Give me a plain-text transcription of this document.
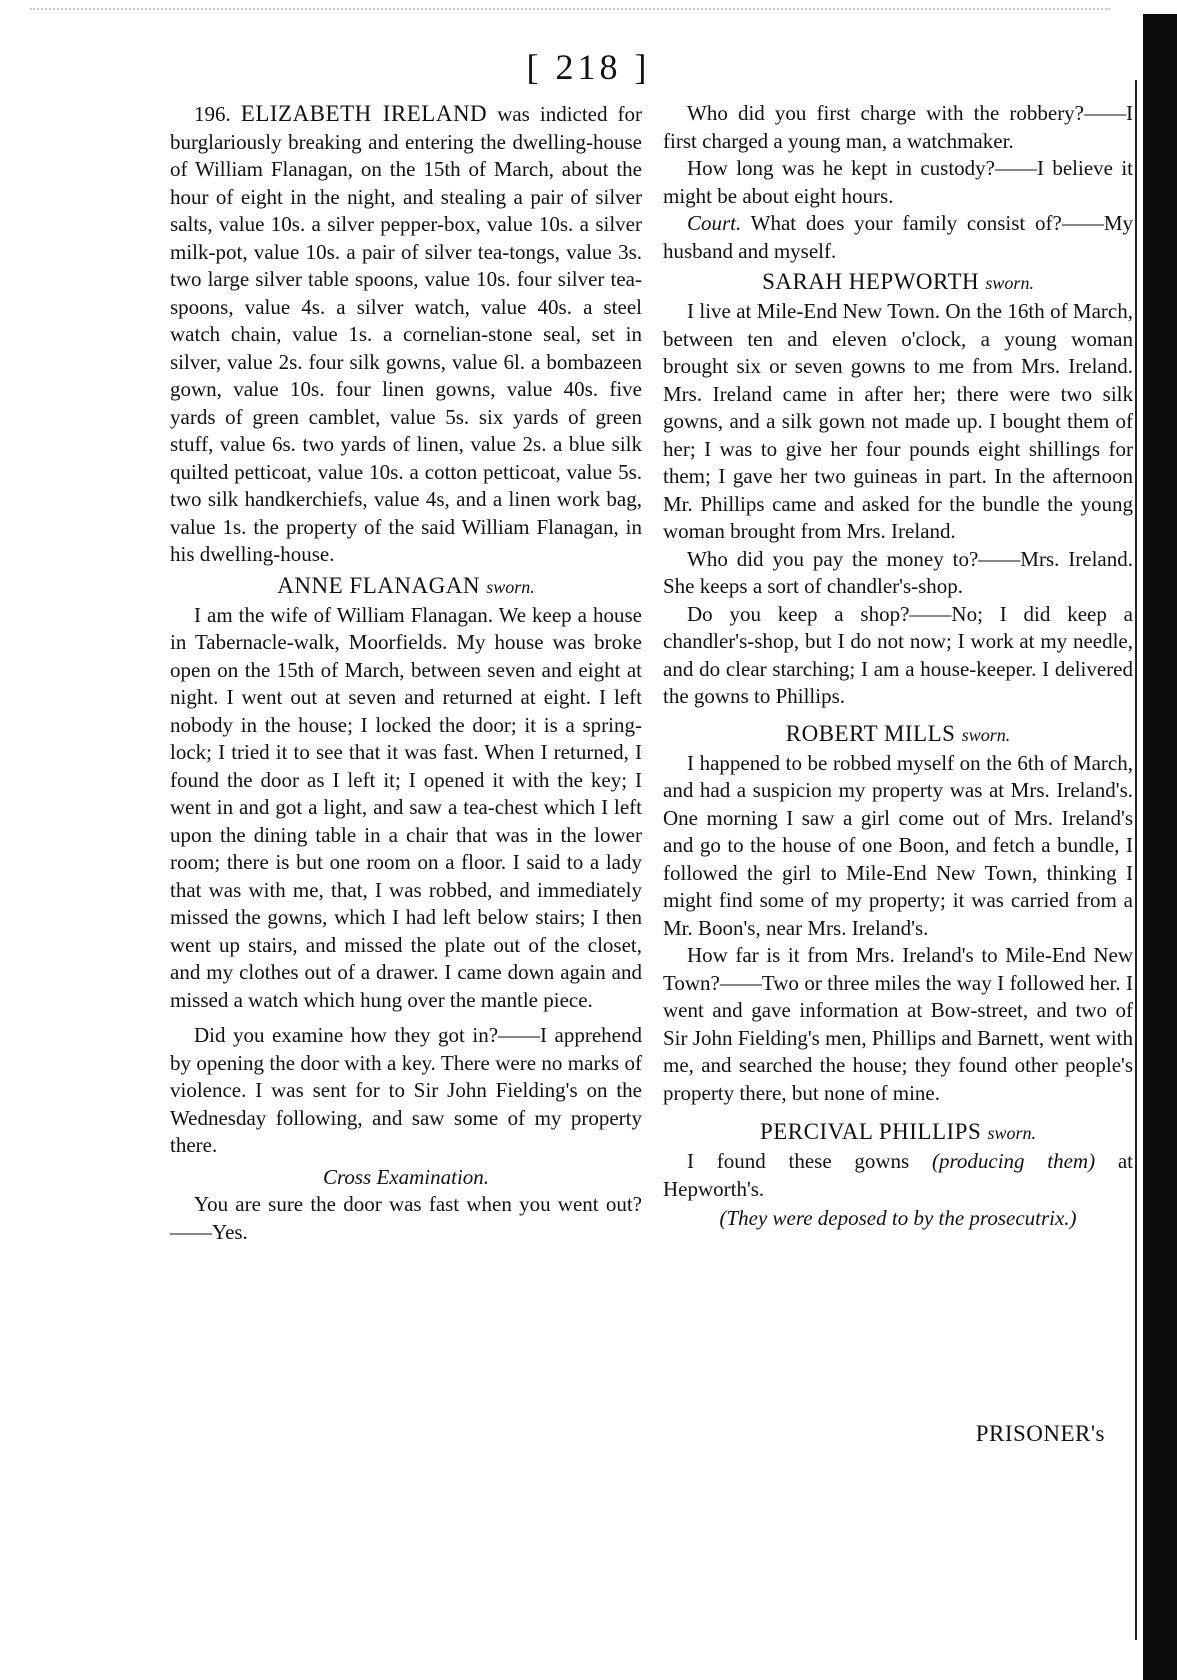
[ 218 ]

196. ELIZABETH IRELAND was indicted for burglariously breaking and entering the dwelling-house of William Flanagan, on the 15th of March, about the hour of eight in the night, and stealing a pair of silver salts, value 10s. a silver pepper-box, value 10s. a silver milk-pot, value 10s. a pair of silver tea-tongs, value 3s. two large silver table spoons, value 10s. four silver tea-spoons, value 4s. a silver watch, value 40s. a steel watch chain, value 1s. a cornelian-stone seal, set in silver, value 2s. four silk gowns, value 6l. a bombazeen gown, value 10s. four linen gowns, value 40s. five yards of green camblet, value 5s. six yards of green stuff, value 6s. two yards of linen, value 2s. a blue silk quilted petticoat, value 10s. a cotton petticoat, value 5s. two silk handkerchiefs, value 4s, and a linen work bag, value 1s. the property of the said William Flanagan, in his dwelling-house.

ANNE FLANAGAN sworn.

I am the wife of William Flanagan. We keep a house in Tabernacle-walk, Moorfields. My house was broke open on the 15th of March, between seven and eight at night. I went out at seven and returned at eight. I left nobody in the house; I locked the door; it is a spring-lock; I tried it to see that it was fast. When I returned, I found the door as I left it; I opened it with the key; I went in and got a light, and saw a tea-chest which I left upon the dining table in a chair that was in the lower room; there is but one room on a floor. I said to a lady that was with me, that, I was robbed, and immediately missed the gowns, which I had left below stairs; I then went up stairs, and missed the plate out of the closet, and my clothes out of a drawer. I came down again and missed a watch which hung over the mantle piece.

Did you examine how they got in?——I apprehend by opening the door with a key. There were no marks of violence. I was sent for to Sir John Fielding's on the Wednesday following, and saw some of my property there.

Cross Examination.

You are sure the door was fast when you went out?——Yes.

Who did you first charge with the robbery?——I first charged a young man, a watchmaker.

How long was he kept in custody?——I believe it might be about eight hours.

Court. What does your family consist of?——My husband and myself.

SARAH HEPWORTH sworn.

I live at Mile-End New Town. On the 16th of March, between ten and eleven o'clock, a young woman brought six or seven gowns to me from Mrs. Ireland. Mrs. Ireland came in after her; there were two silk gowns, and a silk gown not made up. I bought them of her; I was to give her four pounds eight shillings for them; I gave her two guineas in part. In the afternoon Mr. Phillips came and asked for the bundle the young woman brought from Mrs. Ireland.

Who did you pay the money to?——Mrs. Ireland. She keeps a sort of chandler's-shop.

Do you keep a shop?——No; I did keep a chandler's-shop, but I do not now; I work at my needle, and do clear starching; I am a house-keeper. I delivered the gowns to Phillips.

ROBERT MILLS sworn.

I happened to be robbed myself on the 6th of March, and had a suspicion my property was at Mrs. Ireland's. One morning I saw a girl come out of Mrs. Ireland's and go to the house of one Boon, and fetch a bundle, I followed the girl to Mile-End New Town, thinking I might find some of my property; it was carried from a Mr. Boon's, near Mrs. Ireland's.

How far is it from Mrs. Ireland's to Mile-End New Town?——Two or three miles the way I followed her. I went and gave information at Bow-street, and two of Sir John Fielding's men, Phillips and Barnett, went with me, and searched the house; they found other people's property there, but none of mine.

PERCIVAL PHILLIPS sworn.

I found these gowns (producing them) at Hepworth's.

(They were deposed to by the prosecutrix.)

PRISONER's
